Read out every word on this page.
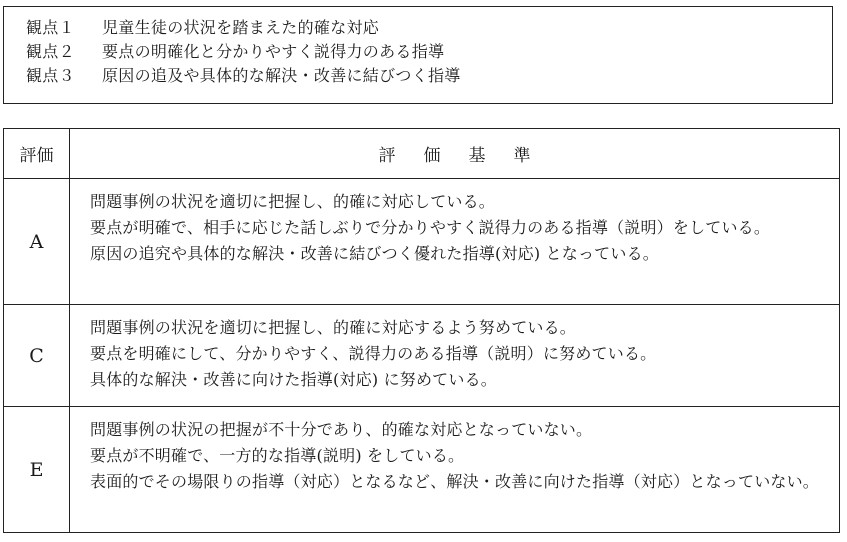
観点１ 児童生徒の状況を踏まえた的確な対応
観点２ 要点の明確化と分かりやすく説得力のある指導
観点３ 原因の追及や具体的な解決・改善に結びつく指導
評価	評 価 基 準
A	問題事例の状況を適切に把握し、的確に対応している。
要点が明確で、相手に応じた話しぶりで分かりやすく説得力のある指導（説明）をしている。
原因の追究や具体的な解決・改善に結びつく優れた指導(対応) となっている。

C	問題事例の状況を適切に把握し、的確に対応するよう努めている。
要点を明確にして、分かりやすく、説得力のある指導（説明）に努めている。
具体的な解決・改善に向けた指導(対応) に努めている。

E	問題事例の状況の把握が不十分であり、的確な対応となっていない。
要点が不明確で、一方的な指導(説明) をしている。
表面的でその場限りの指導（対応）となるなど、解決・改善に向けた指導（対応）となっていない。
